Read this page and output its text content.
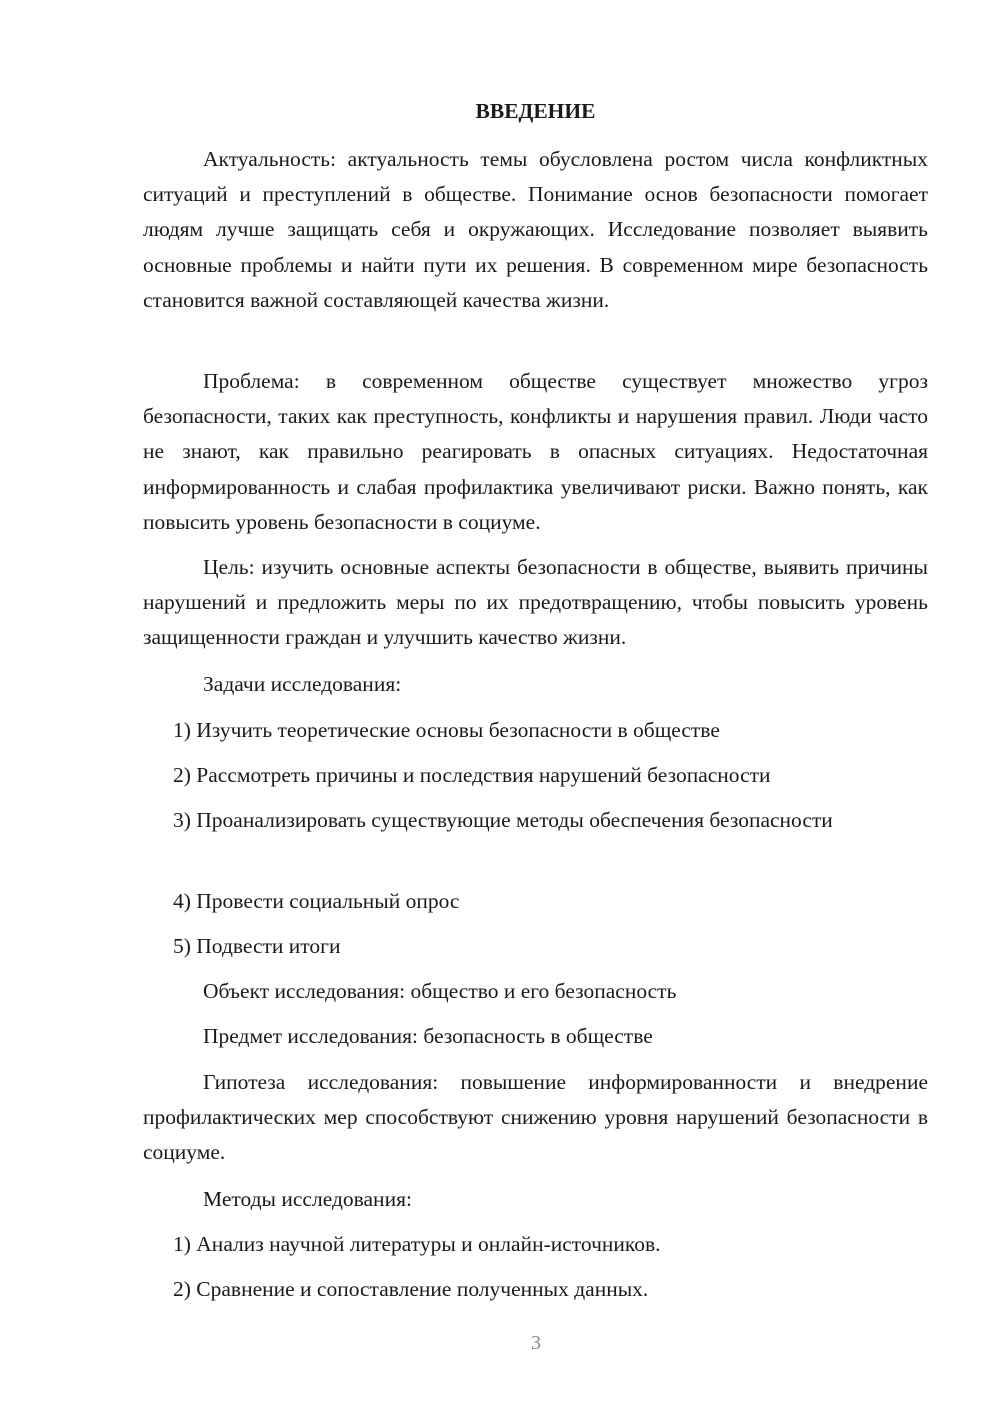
ВВЕДЕНИЕ
Актуальность: актуальность темы обусловлена ростом числа конфликтных ситуаций и преступлений в обществе. Понимание основ безопасности помогает людям лучше защищать себя и окружающих. Исследование позволяет выявить основные проблемы и найти пути их решения. В современном мире безопасность становится важной составляющей качества жизни.
Проблема: в современном обществе существует множество угроз безопасности, таких как преступность, конфликты и нарушения правил. Люди часто не знают, как правильно реагировать в опасных ситуациях. Недостаточная информированность и слабая профилактика увеличивают риски. Важно понять, как повысить уровень безопасности в социуме.
Цель: изучить основные аспекты безопасности в обществе, выявить причины нарушений и предложить меры по их предотвращению, чтобы повысить уровень защищенности граждан и улучшить качество жизни.
Задачи исследования:
1) Изучить теоретические основы безопасности в обществе
2) Рассмотреть причины и последствия нарушений безопасности
3) Проанализировать существующие методы обеспечения безопасности
4) Провести социальный опрос
5) Подвести итоги
Объект исследования: общество и его безопасность
Предмет исследования: безопасность в обществе
Гипотеза исследования: повышение информированности и внедрение профилактических мер способствуют снижению уровня нарушений безопасности в социуме.
Методы исследования:
1) Анализ научной литературы и онлайн-источников.
2) Сравнение и сопоставление полученных данных.
3
